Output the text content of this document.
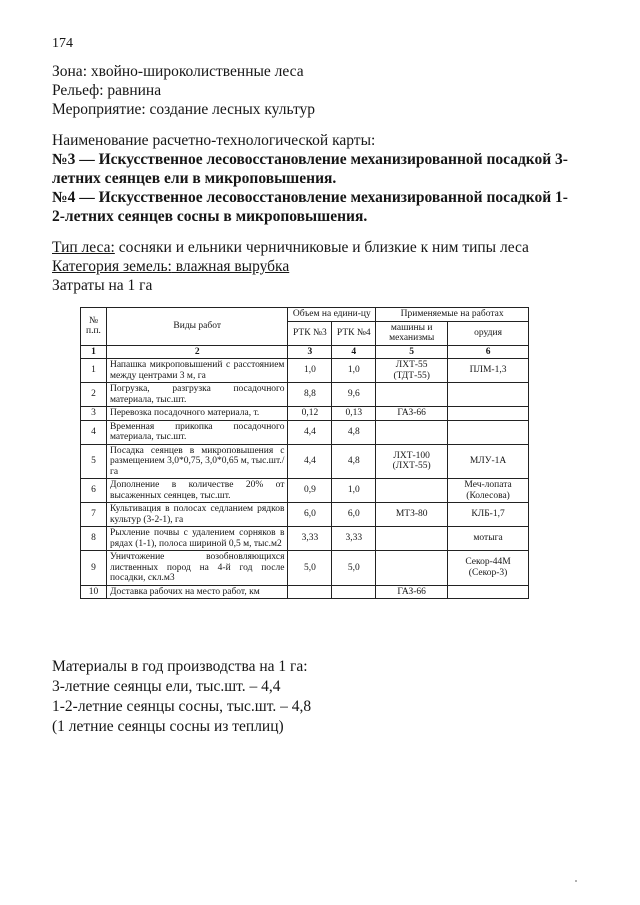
174
Зона: хвойно-широколиственные леса
Рельеф: равнина
Мероприятие: создание лесных культур
Наименование расчетно-технологической карты:
№3 — Искусственное лесовосстановление механизированной посадкой 3-летних сеянцев ели в микроповышения.
№4 — Искусственное лесовосстановление механизированной посадкой 1-2-летних сеянцев сосны в микроповышения.
Тип леса: сосняки и ельники черничниковые и близкие к ним типы леса
Категория земель: влажная вырубка
Затраты на 1 га
№ п.п.	Виды работ	Объем на едини-цу		Применяемые на работах	
		РТК №3	РТК №4	машины и механизмы	орудия
1	2	3	4	5	6
1	Напашка микроповышений с расстоянием между центрами 3 м, га	1,0	1,0	ЛХТ-55 (ТДТ-55)	ПЛМ-1,3
2	Погрузка, разгрузка посадочного материала, тыс.шт.	8,8	9,6		
3	Перевозка посадочного материала, т.	0,12	0,13	ГАЗ-66	
4	Временная прикопка посадочного материала, тыс.шт.	4,4	4,8		
5	Посадка сеянцев в микроповышения с размещением 3,0*0,75, 3,0*0,65 м, тыс.шт./га	4,4	4,8	ЛХТ-100 (ЛХТ-55)	МЛУ-1А
6	Дополнение в количестве 20% от высаженных сеянцев, тыс.шт.	0,9	1,0		Меч-лопата (Колесова)
7	Культивация в полосах седланием рядков культур (3-2-1), га	6,0	6,0	МТЗ-80	КЛБ-1,7
8	Рыхление почвы с удалением сорняков в рядах (1-1), полоса шириной 0,5 м, тыс.м2	3,33	3,33		мотыга
9	Уничтожение возобновляющихся лиственных пород на 4-й год после посадки, скл.м3	5,0	5,0		Секор-44М (Секор-3)
10	Доставка рабочих на место работ, км			ГАЗ-66	
Материалы в год производства на 1 га:
3-летние сеянцы ели, тыс.шт. – 4,4
1-2-летние сеянцы сосны, тыс.шт. – 4,8
(1 летние сеянцы сосны из теплиц)
